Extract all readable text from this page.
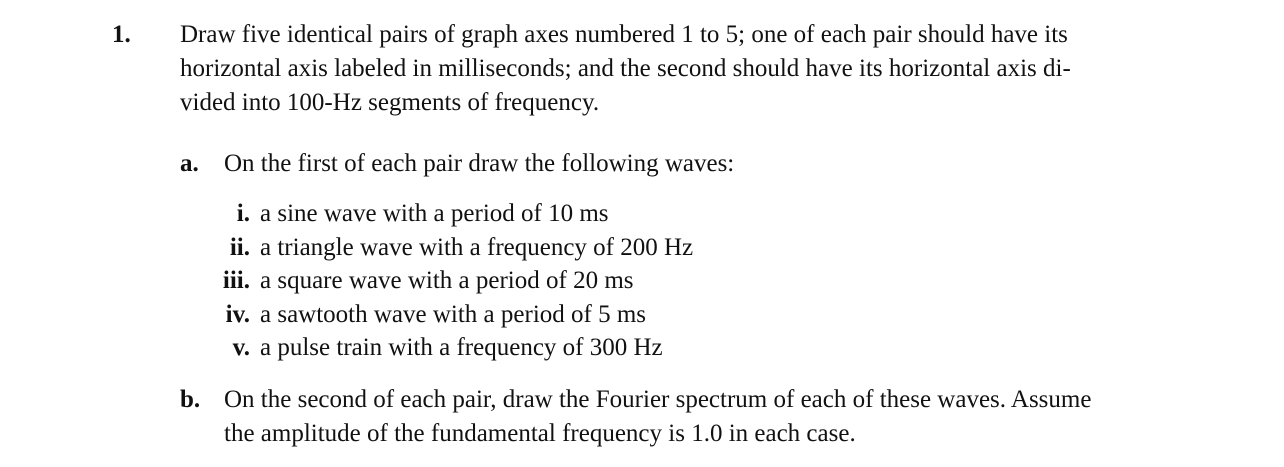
1. Draw five identical pairs of graph axes numbered 1 to 5; one of each pair should have its
horizontal axis labeled in milliseconds; and the second should have its horizontal axis di-
vided into 100-Hz segments of frequency.
a. On the first of each pair draw the following waves:
i. a sine wave with a period of 10 ms
ii. a triangle wave with a frequency of 200 Hz
iii. a square wave with a period of 20 ms
iv. a sawtooth wave with a period of 5 ms
v. a pulse train with a frequency of 300 Hz
b. On the second of each pair, draw the Fourier spectrum of each of these waves. Assume
the amplitude of the fundamental frequency is 1.0 in each case.
